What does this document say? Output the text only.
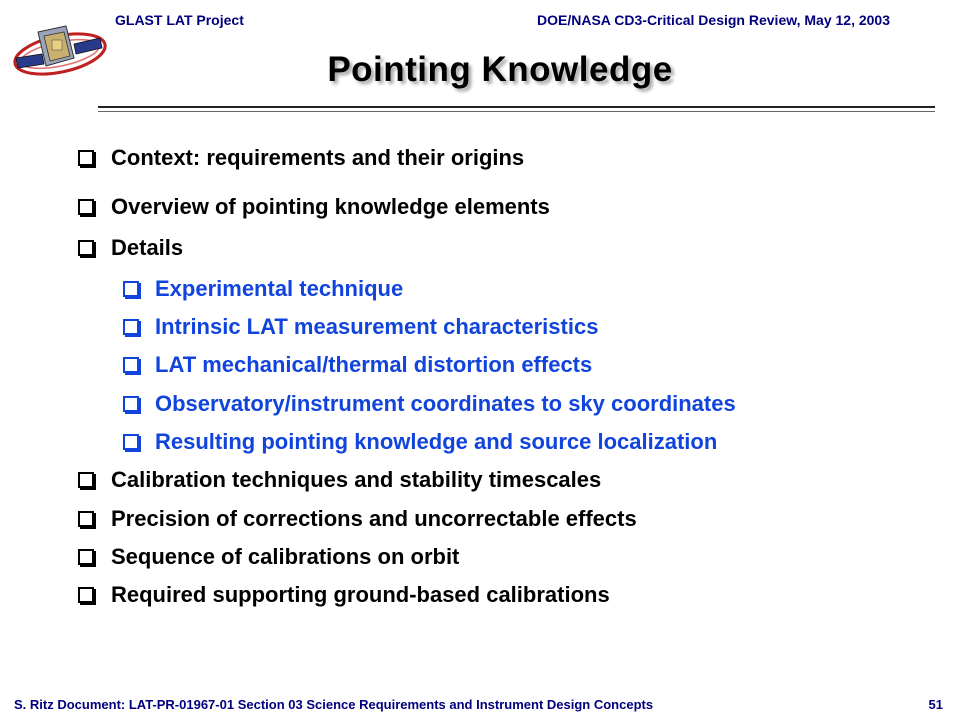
GLAST LAT Project	DOE/NASA CD3-Critical Design Review, May 12, 2003
Pointing Knowledge
Context: requirements and their origins
Overview of pointing knowledge elements
Details
Experimental technique
Intrinsic LAT measurement characteristics
LAT mechanical/thermal distortion effects
Observatory/instrument coordinates to sky coordinates
Resulting pointing knowledge and source localization
Calibration techniques and stability timescales
Precision of corrections and uncorrectable effects
Sequence of calibrations on orbit
Required supporting ground-based calibrations
S. Ritz Document: LAT-PR-01967-01 Section 03 Science Requirements and Instrument Design Concepts	51
